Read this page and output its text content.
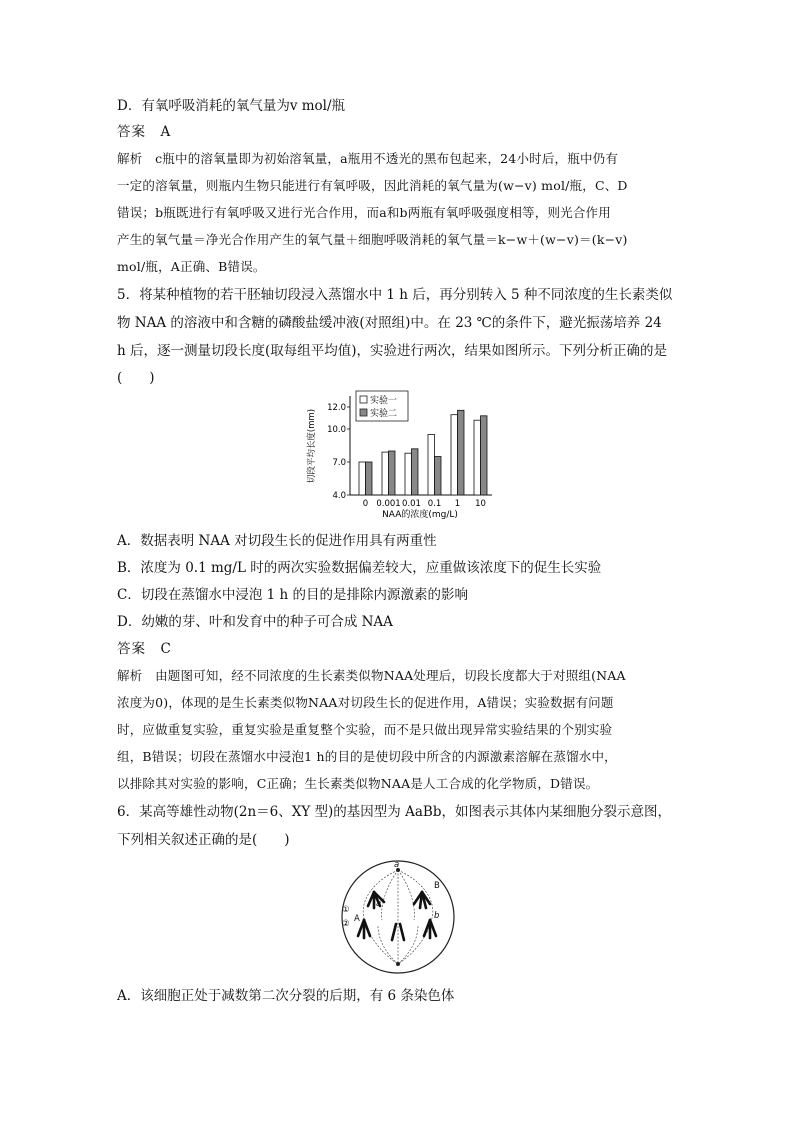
D．有氧呼吸消耗的氧气量为v mol/瓶
答案　A
解析　c瓶中的溶氧量即为初始溶氧量，a瓶用不透光的黑布包起来，24小时后，瓶中仍有
一定的溶氧量，则瓶内生物只能进行有氧呼吸，因此消耗的氧气量为(w−v) mol/瓶，C、D
错误；b瓶既进行有氧呼吸又进行光合作用，而a和b两瓶有氧呼吸强度相等，则光合作用
产生的氧气量＝净光合作用产生的氧气量＋细胞呼吸消耗的氧气量＝k−w＋(w−v)＝(k−v)
mol/瓶，A正确、B错误。
5．将某种植物的若干胚轴切段浸入蒸馏水中 1 h 后，再分别转入 5 种不同浓度的生长素类似
物 NAA 的溶液中和含糖的磷酸盐缓冲液(对照组)中。在 23 ℃的条件下，避光振荡培养 24
h 后，逐一测量切段长度(取每组平均值)，实验进行两次，结果如图所示。下列分析正确的是
(　　)
4.0
7.0
10.0
12.0
0 0.001 0.01 0.1 1 10
实验一
实验二
切段平均长度(mm)
NAA的浓度(mg/L)
A．数据表明 NAA 对切段生长的促进作用具有两重性
B．浓度为 0.1 mg/L 时的两次实验数据偏差较大，应重做该浓度下的促生长实验
C．切段在蒸馏水中浸泡 1 h 的目的是排除内源激素的影响
D．幼嫩的芽、叶和发育中的种子可合成 NAA
答案　C
解析　由题图可知，经不同浓度的生长素类似物NAA处理后，切段长度都大于对照组(NAA
浓度为0)，体现的是生长素类似物NAA对切段生长的促进作用，A错误；实验数据有问题
时，应做重复实验，重复实验是重复整个实验，而不是只做出现异常实验结果的个别实验
组，B错误；切段在蒸馏水中浸泡1 h的目的是使切段中所含的内源激素溶解在蒸馏水中，
以排除其对实验的影响，C正确；生长素类似物NAA是人工合成的化学物质，D错误。
6．某高等雄性动物(2n＝6、XY 型)的基因型为 AaBb，如图表示其体内某细胞分裂示意图，
下列相关叙述正确的是(　　)
a
①
②
a
A
B
b
A．该细胞正处于减数第二次分裂的后期，有 6 条染色体
